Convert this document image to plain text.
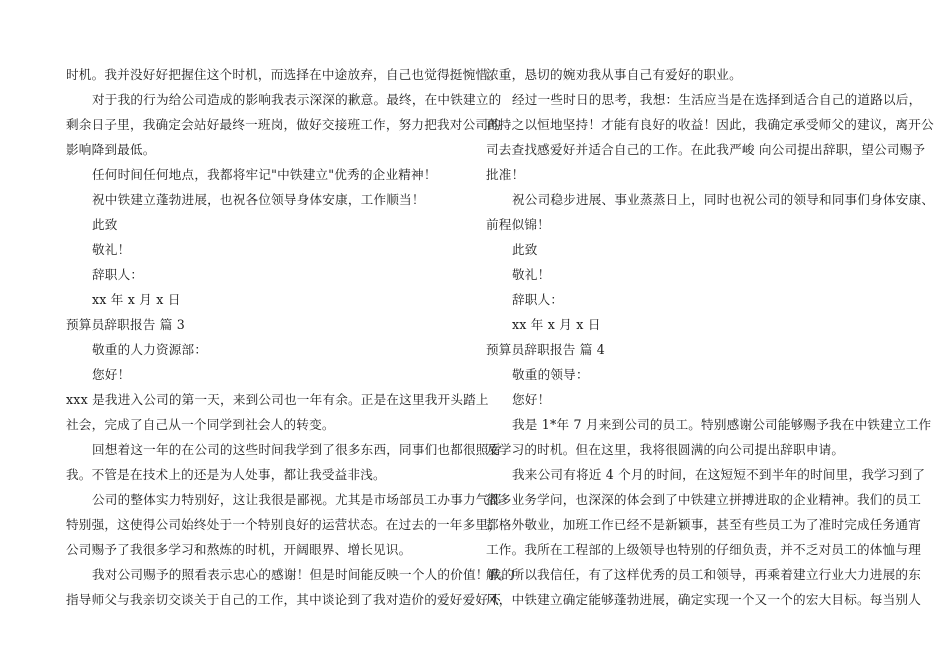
时机。我并没好好把握住这个时机，而选择在中途放弃，自己也觉得挺惋惜。
对于我的行为给公司造成的影响我表示深深的歉意。最终，在中铁建立的
剩余日子里，我确定会站好最终一班岗，做好交接班工作，努力把我对公司的
影响降到最低。
任何时间任何地点，我都将牢记"中铁建立"优秀的企业精神！
祝中铁建立蓬勃进展，也祝各位领导身体安康，工作顺当！
此致
敬礼！
辞职人：
xx 年 x 月 x 日
预算员辞职报告 篇 3
敬重的人力资源部：
您好！
xxx 是我进入公司的第一天，来到公司也一年有余。正是在这里我开头踏上
社会，完成了自己从一个同学到社会人的转变。
回想着这一年的在公司的这些时间我学到了很多东西，同事们也都很照看
我。不管是在技术上的还是为人处事，都让我受益非浅。
公司的整体实力特别好，这让我很是鄙视。尤其是市场部员工办事力气都
特别强，这使得公司始终处于一个特别良好的运营状态。在过去的一年多里，
公司赐予了我很多学习和熬炼的时机，开阔眼界、增长见识。
我对公司赐予的照看表示忠心的感谢！但是时间能反映一个人的价值！我的
指导师父与我亲切交谈关于自己的工作，其中谈论到了我对造价的爱好爱好不
浓重，恳切的婉劝我从事自己有爱好的职业。
经过一些时日的思考，我想：生活应当是在选择到适合自己的道路以后，
再持之以恒地坚持！才能有良好的收益！因此，我确定承受师父的建议，离开公
司去查找感爱好并适合自己的工作。在此我严峻 向公司提出辞职，望公司赐予
批准！
祝公司稳步进展、事业蒸蒸日上，同时也祝公司的领导和同事们身体安康、
前程似锦！
此致
敬礼！
辞职人：
xx 年 x 月 x 日
预算员辞职报告 篇 4
敬重的领导：
您好！
我是 1*年 7 月来到公司的员工。特别感谢公司能够赐予我在中铁建立工作
及学习的时机。但在这里，我将很圆满的向公司提出辞职申请。
我来公司有将近 4 个月的时间，在这短短不到半年的时间里，我学习到了
很多业务学问，也深深的体会到了中铁建立拼搏进取的企业精神。我们的员工
都格外敬业，加班工作已经不是新颖事，甚至有些员工为了准时完成任务通宵
工作。我所在工程部的上级领导也特别的仔细负责，并不乏对员工的体恤与理
解。所以我信任，有了这样优秀的员工和领导，再乘着建立行业大力进展的东
风，中铁建立确定能够蓬勃进展，确定实现一个又一个的宏大目标。每当别人
